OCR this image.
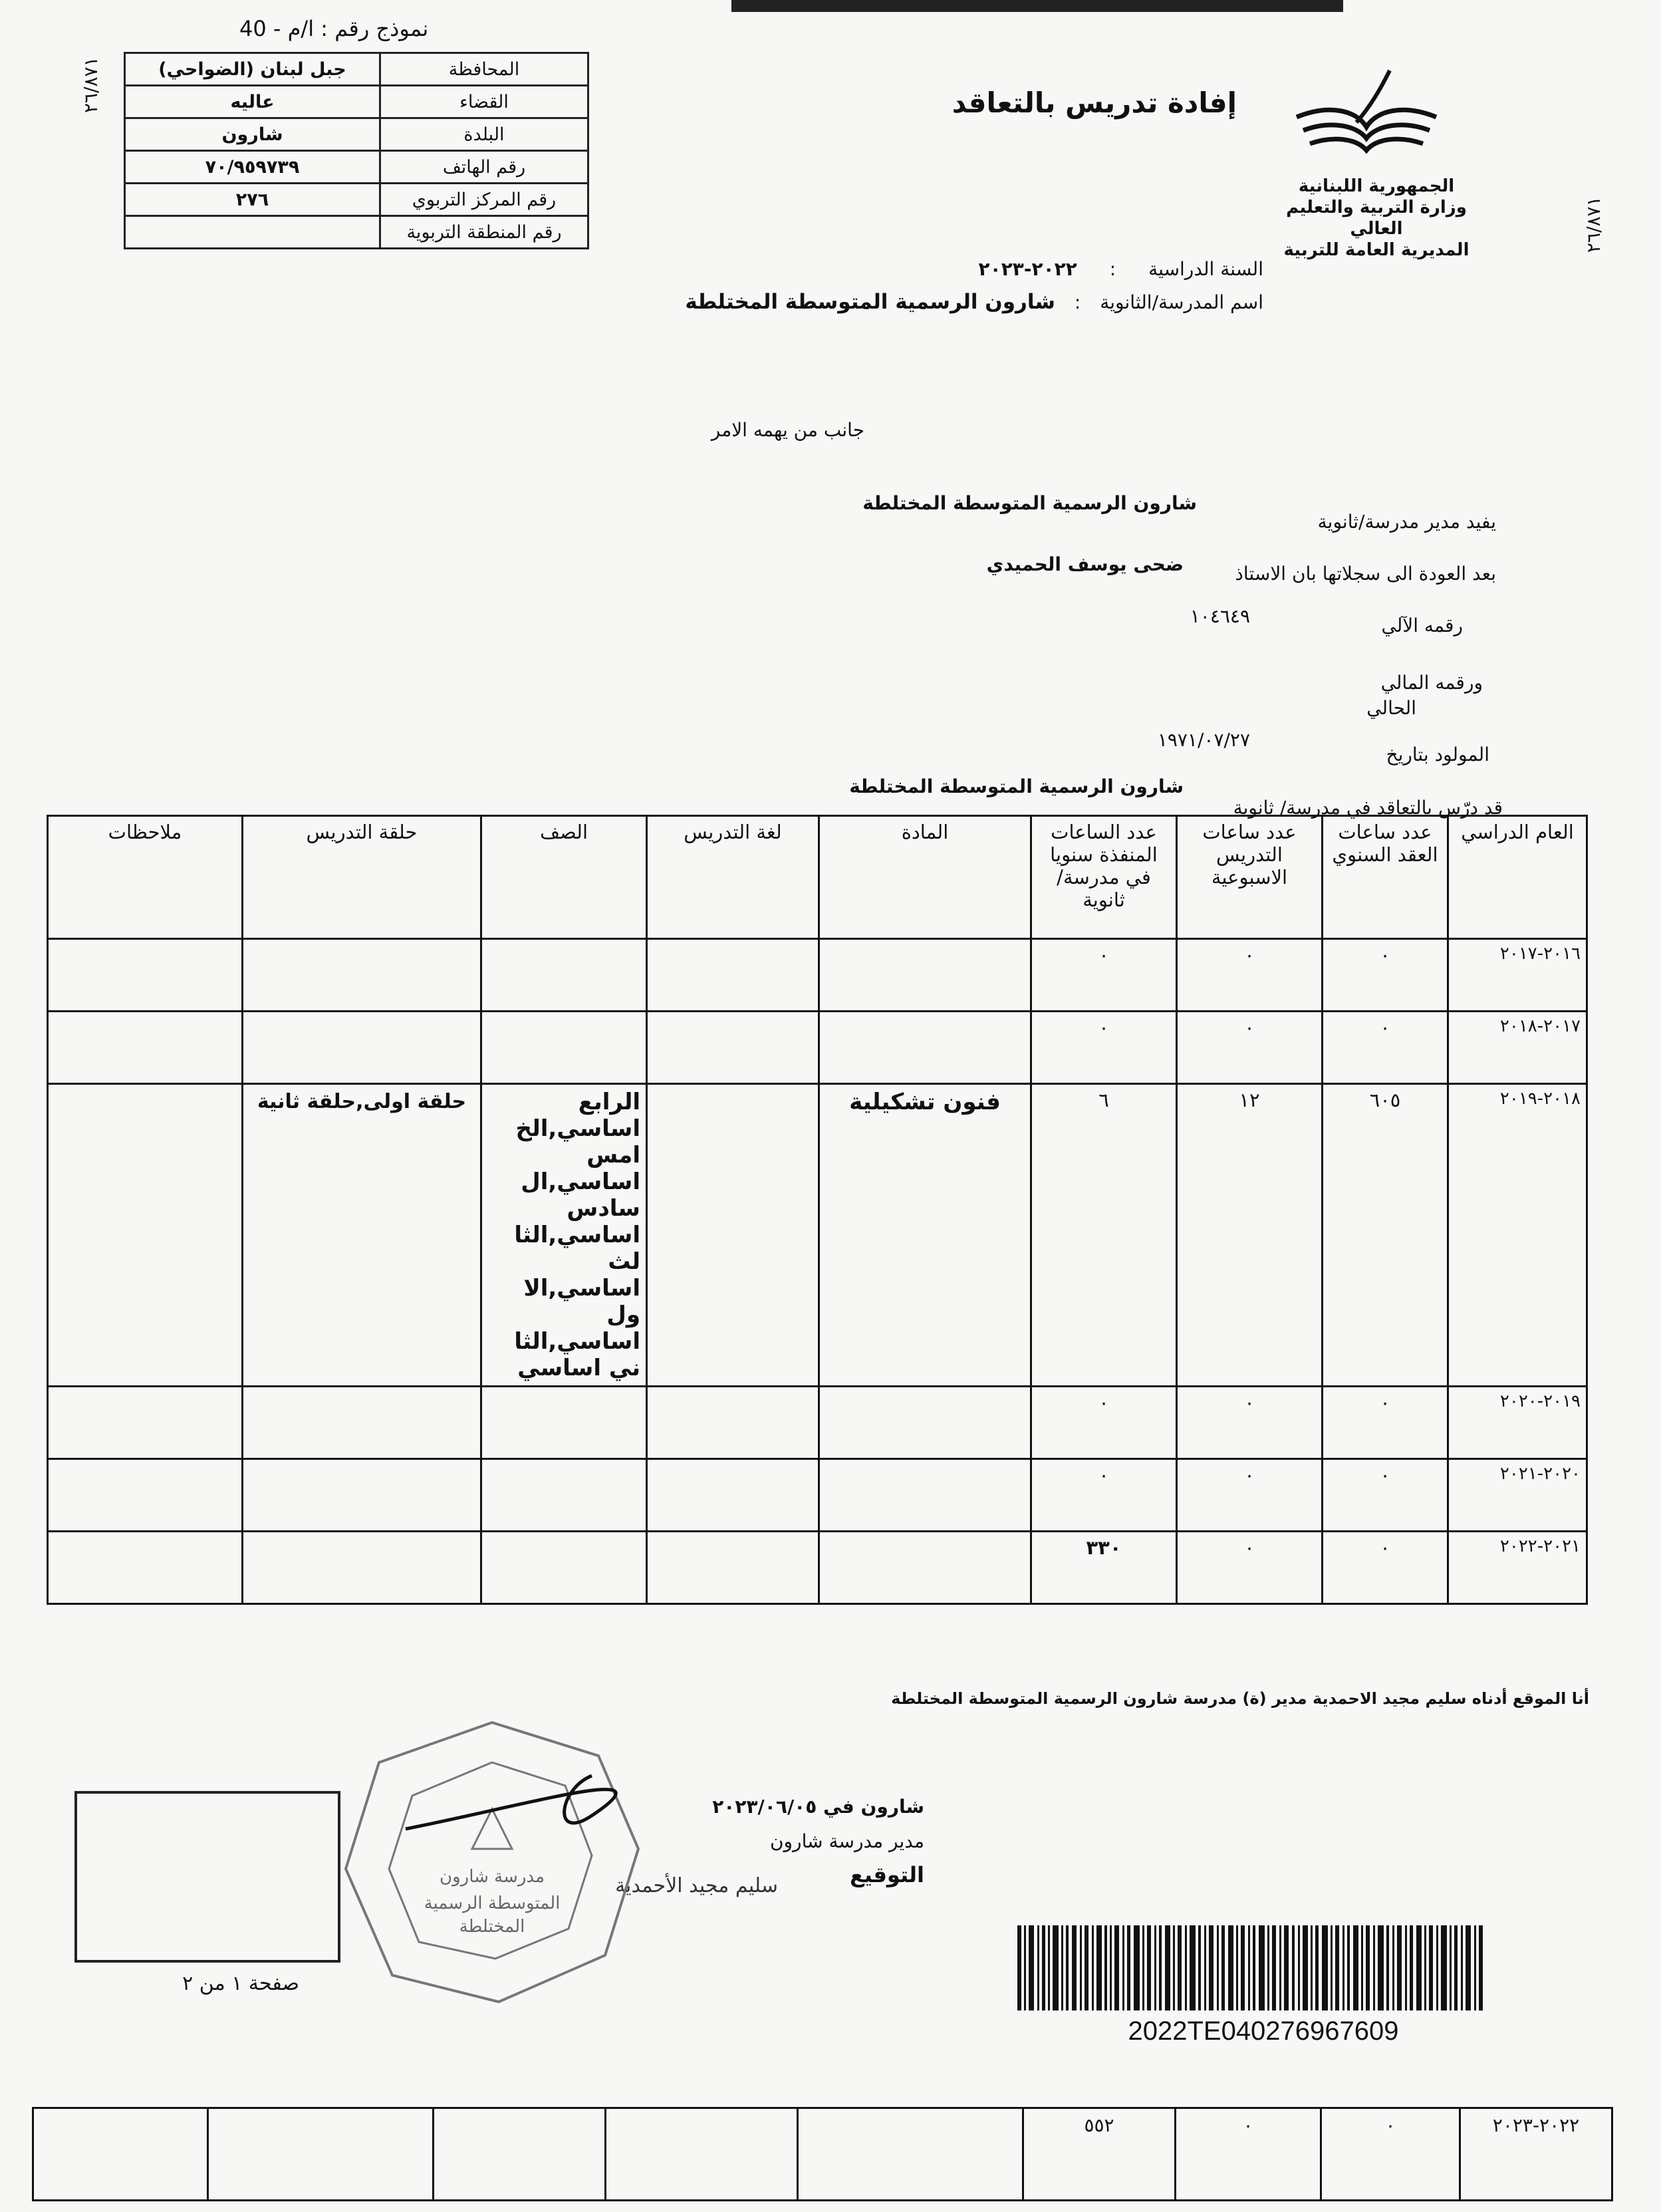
نموذج رقم : ا/م - 40
المحافظة	جبل لبنان (الضواحي)
القضاء	عاليه
البلدة	شارون
رقم الهاتف	٧٠/٩٥٩٧٣٩
رقم المركز التربوي	٢٧٦
رقم المنطقة التربوية	
٢٦/٨٧١
٢٦/٨٧١
إفادة تدريس بالتعاقد
الجمهورية اللبنانية
وزارة التربية والتعليم العالي
المديرية العامة للتربية
السنة الدراسية : ٢٠٢٢-٢٠٢٣
اسم المدرسة/الثانوية : شارون الرسمية المتوسطة المختلطة
جانب من يهمه الامر
يفيد مدير مدرسة/ثانوية
شارون الرسمية المتوسطة المختلطة
بعد العودة الى سجلاتها بان الاستاذ
ضحى يوسف الحميدي
رقمه الآلي
١٠٤٦٤٩
ورقمه المالي
الحالي
المولود بتاريخ
١٩٧١/٠٧/٢٧
قد درّس بالتعاقد في مدرسة/ ثانوية
شارون الرسمية المتوسطة المختلطة
العام الدراسي	عدد ساعات العقد السنوي	عدد ساعات التدريس الاسبوعية	عدد الساعات المنفذة سنويا في مدرسة/ثانوية	المادة	لغة التدريس	الصف	حلقة التدريس	ملاحظات
٢٠١٦-٢٠١٧	٠	٠	٠					
٢٠١٧-٢٠١٨	٠	٠	٠					
٢٠١٨-٢٠١٩	٦٠٥	١٢	٦	فنون تشكيلية		الرابع اساسي,الخ امس اساسي,ال سادس اساسي,الثا لث اساسي,الا ول اساسي,الثا ني اساسي	حلقة اولى,حلقة ثانية	
٢٠١٩-٢٠٢٠	٠	٠	٠					
٢٠٢٠-٢٠٢١	٠	٠	٠					
٢٠٢١-٢٠٢٢	٠	٠	٣٣٠					
أنا الموقع أدناه سليم مجيد الاحمدية مدير (ة) مدرسة شارون الرسمية المتوسطة المختلطة
شارون في ٢٠٢٣/٠٦/٠٥
مدير مدرسة شارون
التوقيع
سليم مجيد الأحمدية
مدرسة شارون
المتوسطة الرسمية
المختلطة
صفحة ١ من ٢
2022TE040276967609
٢٠٢٢-٢٠٢٣	٠	٠	٥٥٢					
